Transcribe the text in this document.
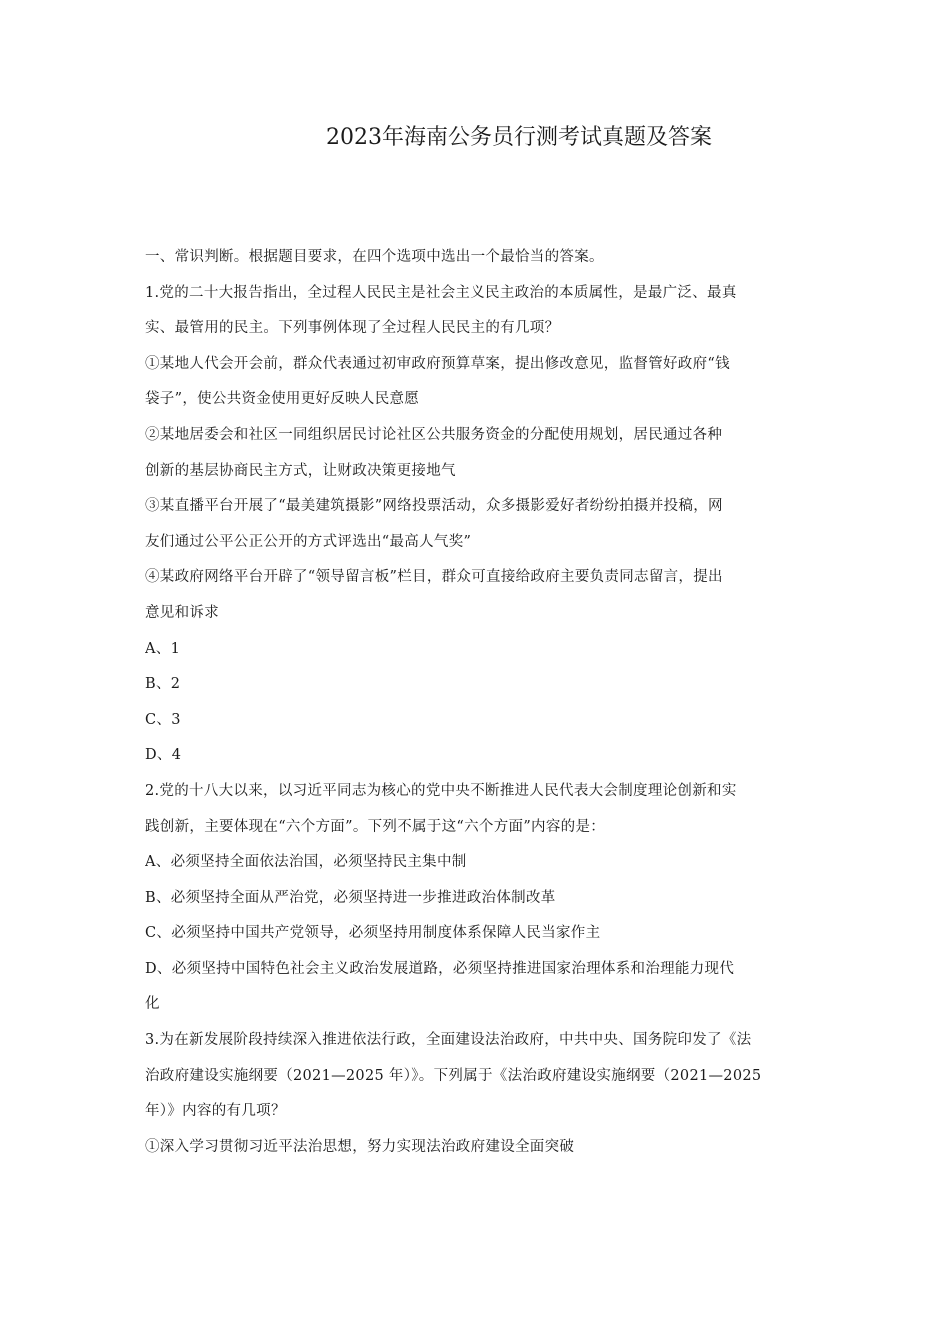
2023年海南公务员行测考试真题及答案
一、常识判断。根据题目要求，在四个选项中选出一个最恰当的答案。
1.党的二十大报告指出，全过程人民民主是社会主义民主政治的本质属性，是最广泛、最真
实、最管用的民主。下列事例体现了全过程人民民主的有几项？
①某地人代会开会前，群众代表通过初审政府预算草案，提出修改意见，监督管好政府“钱
袋子”，使公共资金使用更好反映人民意愿
②某地居委会和社区一同组织居民讨论社区公共服务资金的分配使用规划，居民通过各种
创新的基层协商民主方式，让财政决策更接地气
③某直播平台开展了“最美建筑摄影”网络投票活动，众多摄影爱好者纷纷拍摄并投稿，网
友们通过公平公正公开的方式评选出“最高人气奖”
④某政府网络平台开辟了“领导留言板”栏目，群众可直接给政府主要负责同志留言，提出
意见和诉求
A、1
B、2
C、3
D、4
2.党的十八大以来，以习近平同志为核心的党中央不断推进人民代表大会制度理论创新和实
践创新，主要体现在“六个方面”。下列不属于这“六个方面”内容的是：
A、必须坚持全面依法治国，必须坚持民主集中制
B、必须坚持全面从严治党，必须坚持进一步推进政治体制改革
C、必须坚持中国共产党领导，必须坚持用制度体系保障人民当家作主
D、必须坚持中国特色社会主义政治发展道路，必须坚持推进国家治理体系和治理能力现代
化
3.为在新发展阶段持续深入推进依法行政，全面建设法治政府，中共中央、国务院印发了《法
治政府建设实施纲要（2021—2025 年）》。下列属于《法治政府建设实施纲要（2021—2025
年）》内容的有几项？
①深入学习贯彻习近平法治思想，努力实现法治政府建设全面突破
